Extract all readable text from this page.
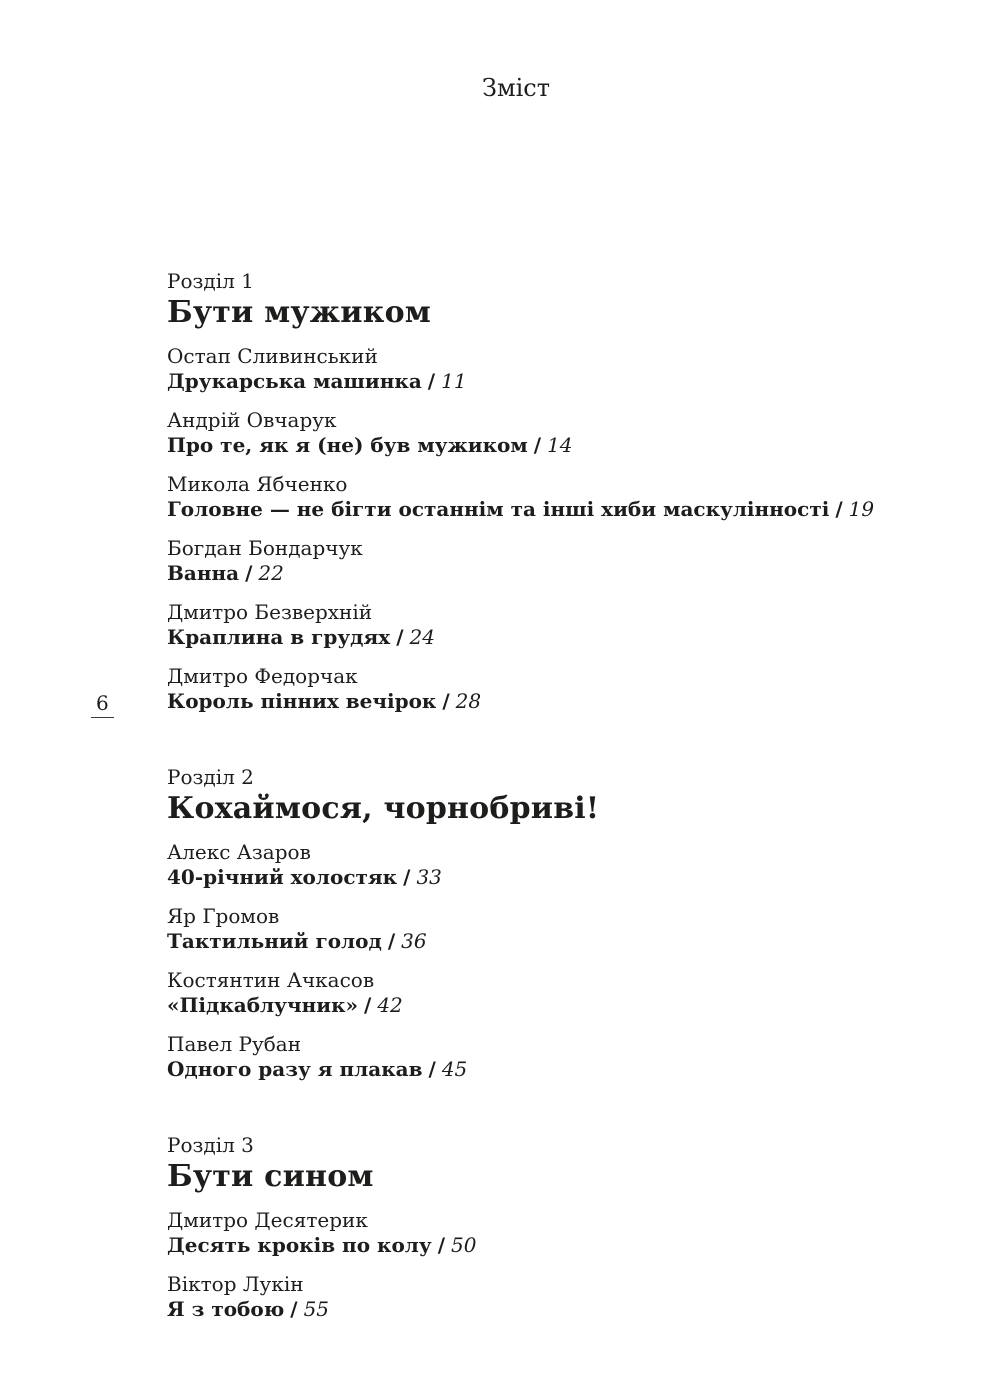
6
Зміст
Розділ 1
Бути мужиком
Остап Сливинський
Друкарська машинка / 11
Андрій Овчарук
Про те, як я (не) був мужиком / 14
Микола Ябченко
Головне — не бігти останнім та інші хиби маскулінності / 19
Богдан Бондарчук
Ванна / 22
Дмитро Безверхній
Краплина в грудях / 24
Дмитро Федорчак
Король пінних вечірок / 28
Розділ 2
Кохаймося, чорнобриві!
Алекс Азаров
40-річний холостяк / 33
Яр Громов
Тактильний голод / 36
Костянтин Ачкасов
«Підкаблучник» / 42
Павел Рубан
Одного разу я плакав / 45
Розділ 3
Бути сином
Дмитро Десятерик
Десять кроків по колу / 50
Віктор Лукін
Я з тобою / 55
